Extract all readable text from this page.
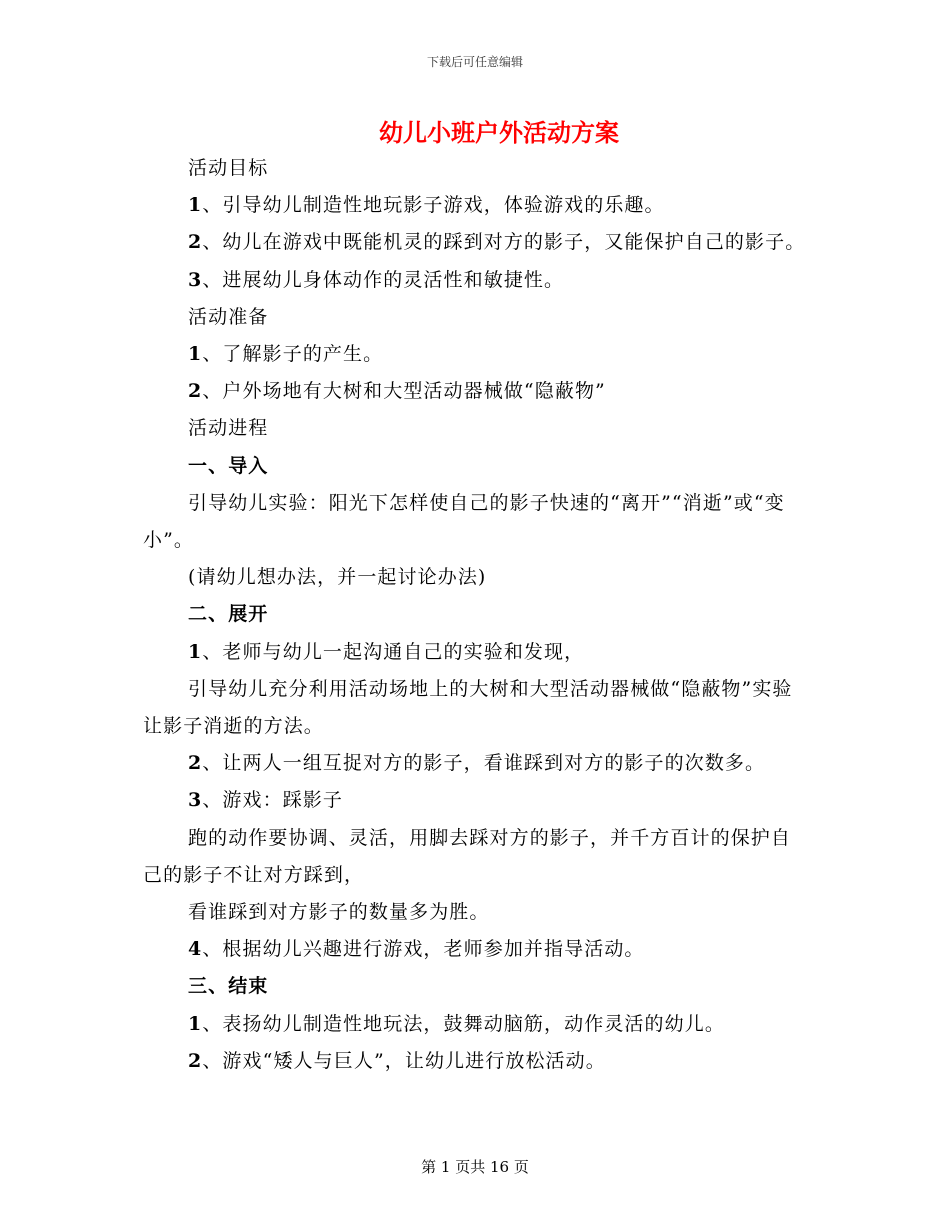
下载后可任意编辑
幼儿小班户外活动方案

活动目标

1、引导幼儿制造性地玩影子游戏，体验游戏的乐趣。

2、幼儿在游戏中既能机灵的踩到对方的影子，又能保护自己的影子。

3、进展幼儿身体动作的灵活性和敏捷性。

活动准备

1、了解影子的产生。

2、户外场地有大树和大型活动器械做“隐蔽物”

活动进程

一、导入

引导幼儿实验：阳光下怎样使自己的影子快速的“离开”“消逝”或“变小”。

(请幼儿想办法，并一起讨论办法)

二、展开

1、老师与幼儿一起沟通自己的实验和发现，

引导幼儿充分利用活动场地上的大树和大型活动器械做“隐蔽物”实验让影子消逝的方法。

2、让两人一组互捉对方的影子，看谁踩到对方的影子的次数多。

3、游戏：踩影子

跑的动作要协调、灵活，用脚去踩对方的影子，并千方百计的保护自己的影子不让对方踩到，

看谁踩到对方影子的数量多为胜。

4、根据幼儿兴趣进行游戏，老师参加并指导活动。

三、结束

1、表扬幼儿制造性地玩法，鼓舞动脑筋，动作灵活的幼儿。

2、游戏“矮人与巨人”，让幼儿进行放松活动。

第 1 页共 16 页
